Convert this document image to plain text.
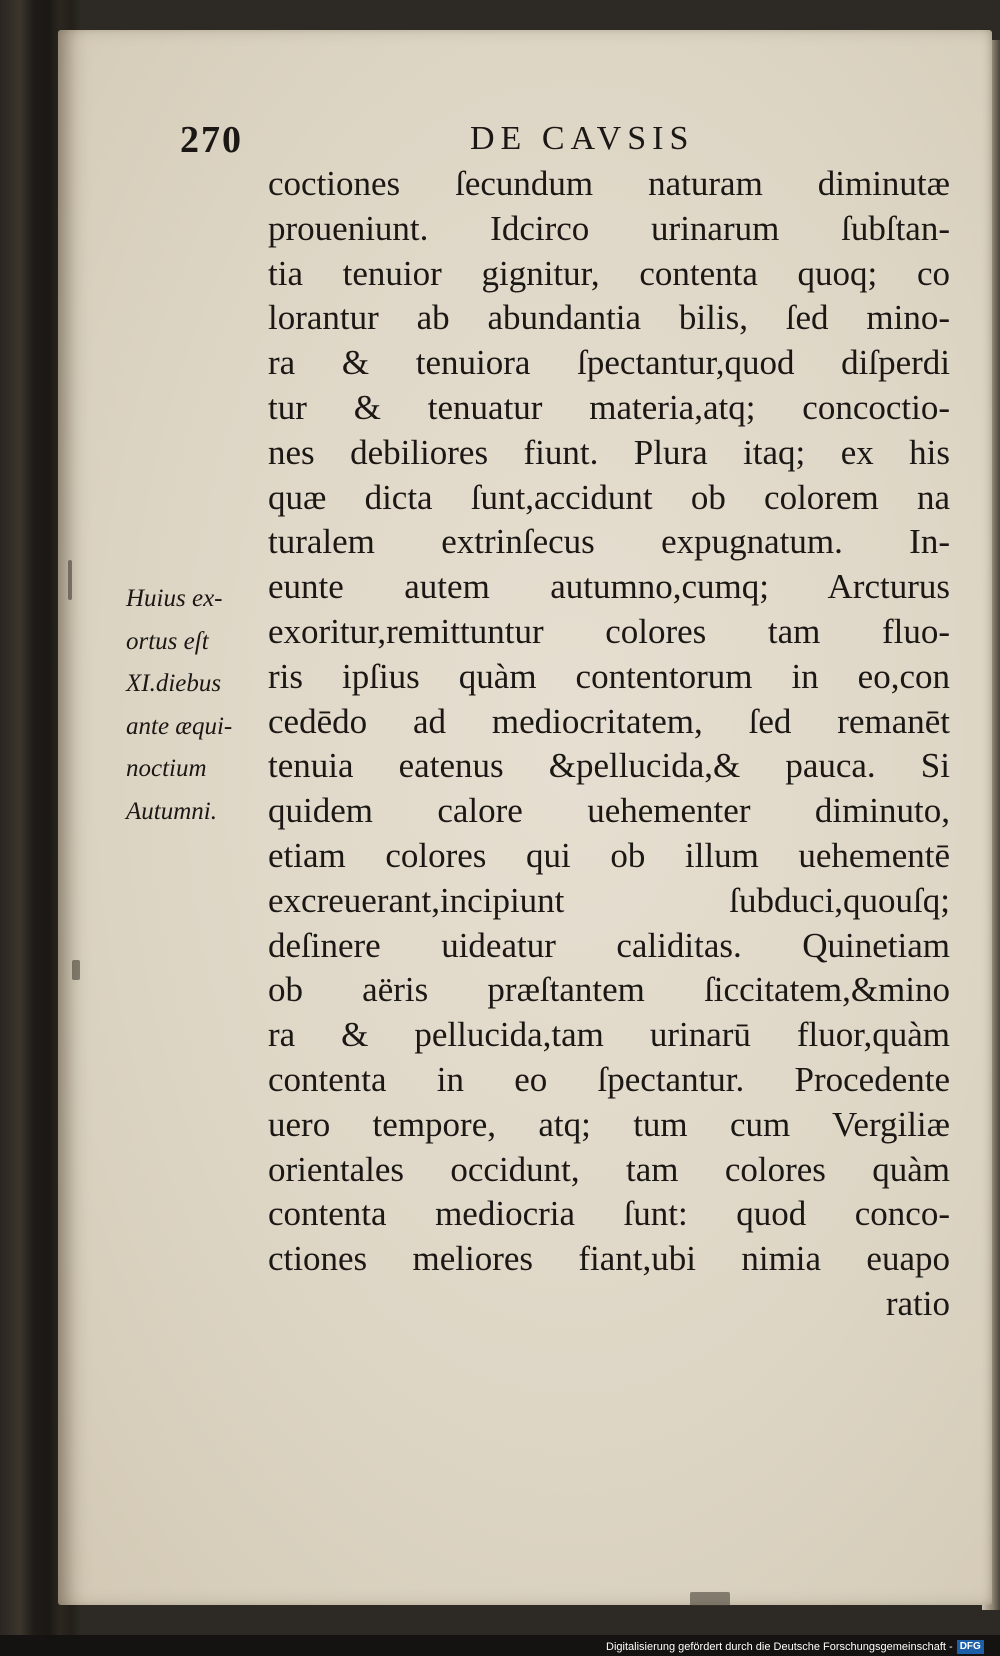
270	DE CAVSIS
Huius ex-
ortus eſt
XI.diebus
ante æqui-
noctium
Autumni.
coctiones ſecundum naturam diminutæ
proueniunt. Idcirco urinarum ſubſtan-
tia tenuior gignitur, contenta quoq; co
lorantur ab abundantia bilis, ſed mino-
ra & tenuiora ſpectantur,quod diſperdi
tur & tenuatur materia,atq; concoctio-
nes debiliores fiunt. Plura itaq; ex his
quæ dicta ſunt,accidunt ob colorem na
turalem extrinſecus expugnatum. In-
eunte autem autumno,cumq; Arcturus
exoritur,remittuntur colores tam fluo-
ris ipſius quàm contentorum in eo,con
cedēdo ad mediocritatem, ſed remanēt
tenuia eatenus &pellucida,& pauca. Si
quidem calore uehementer diminuto,
etiam colores qui ob illum uehementē
excreuerant,incipiunt ſubduci,quouſq;
deſinere uideatur caliditas. Quinetiam
ob aëris præſtantem ſiccitatem,&mino
ra & pellucida,tam urinarū fluor,quàm
contenta in eo ſpectantur. Procedente
uero tempore, atq; tum cum Vergiliæ
orientales occidunt, tam colores quàm
contenta mediocria ſunt: quod conco-
ctiones meliores fiant,ubi nimia euapo
ratio
Digitalisierung gefördert durch die Deutsche Forschungsgemeinschaft - DFG
